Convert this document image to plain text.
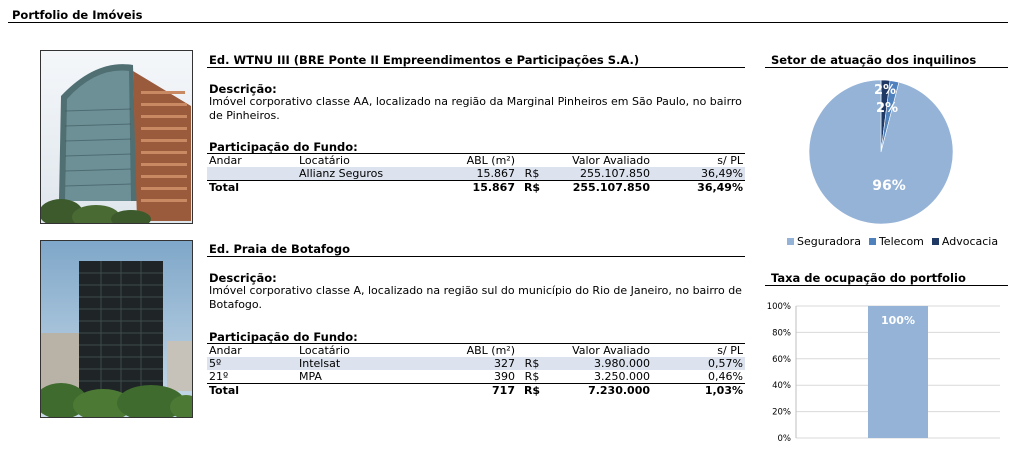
Portfolio de Imóveis
Ed. WTNU III (BRE Ponte II Empreendimentos e Participações S.A.)
Descrição:
Imóvel corporativo classe AA, localizado na região da Marginal Pinheiros em São Paulo, no bairro de Pinheiros.
Participação do Fundo:
Andar	Locatário	ABL (m²)		Valor Avaliado	s/ PL
	Allianz Seguros	15.867	R$	255.107.850	36,49%
Total		15.867	R$	255.107.850	36,49%
Ed. Praia de Botafogo
Descrição:
Imóvel corporativo classe A, localizado na região sul do município do Rio de Janeiro, no bairro de Botafogo.
Participação do Fundo:
Andar	Locatário	ABL (m²)		Valor Avaliado	s/ PL
5º	Intelsat	327	R$	3.980.000	0,57%
21º	MPA	390	R$	3.250.000	0,46%
Total		717	R$	7.230.000	1,03%
Setor de atuação dos inquilinos
96%
2%
2%
Seguradora	Telecom	Advocacia
Taxa de ocupação do portfolio
0%
20%
40%
60%
80%
100%
100%
